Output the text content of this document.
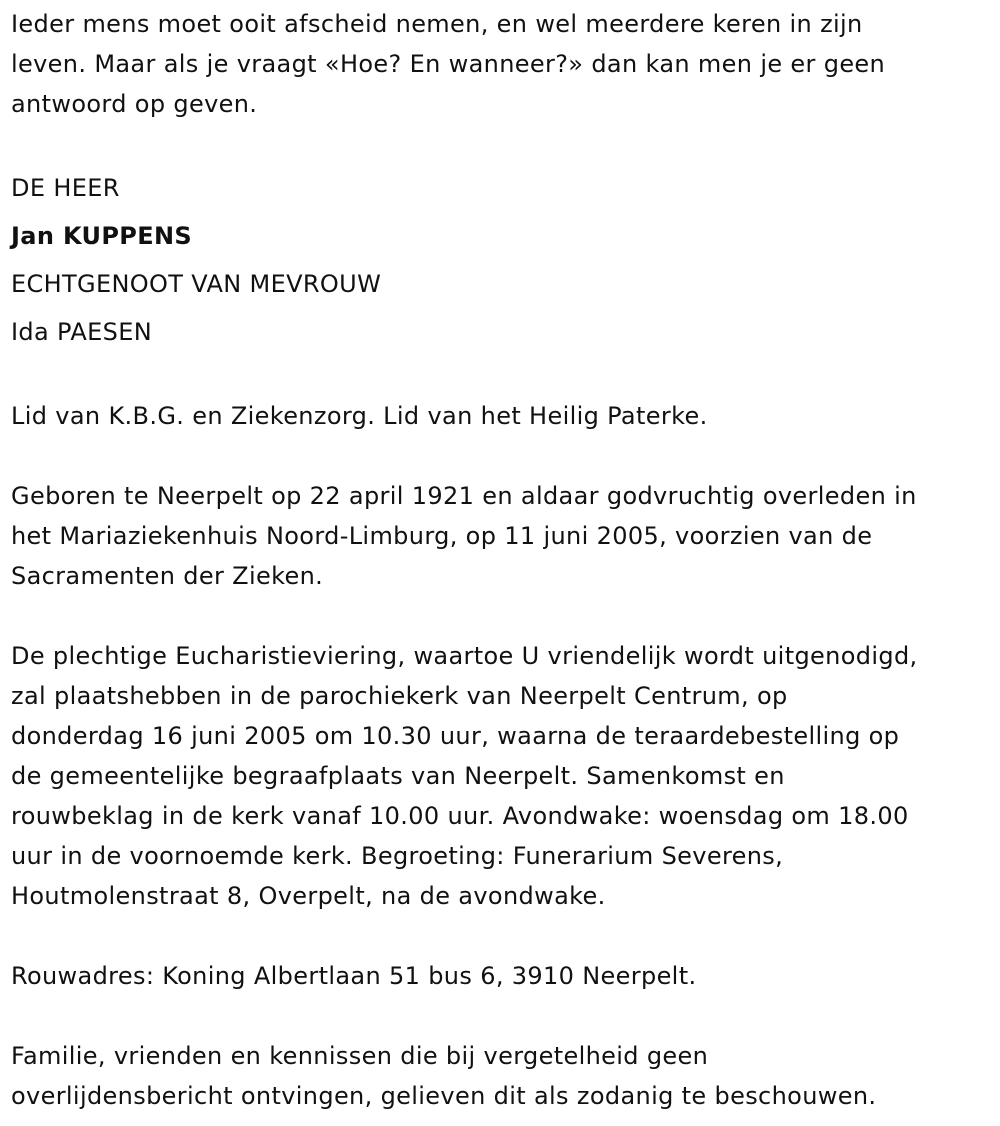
Ieder mens moet ooit afscheid nemen, en wel meerdere keren in zijn
leven. Maar als je vraagt «Hoe? En wanneer?» dan kan men je er geen
antwoord op geven.

DE HEER

Jan KUPPENS

ECHTGENOOT VAN MEVROUW

Ida PAESEN

Lid van K.B.G. en Ziekenzorg. Lid van het Heilig Paterke.

Geboren te Neerpelt op 22 april 1921 en aldaar godvruchtig overleden in
het Mariaziekenhuis Noord-Limburg, op 11 juni 2005, voorzien van de
Sacramenten der Zieken.

De plechtige Eucharistieviering, waartoe U vriendelijk wordt uitgenodigd,
zal plaatshebben in de parochiekerk van Neerpelt Centrum, op
donderdag 16 juni 2005 om 10.30 uur, waarna de teraardebestelling op
de gemeentelijke begraafplaats van Neerpelt. Samenkomst en
rouwbeklag in de kerk vanaf 10.00 uur. Avondwake: woensdag om 18.00
uur in de voornoemde kerk. Begroeting: Funerarium Severens,
Houtmolenstraat 8, Overpelt, na de avondwake.

Rouwadres: Koning Albertlaan 51 bus 6, 3910 Neerpelt.

Familie, vrienden en kennissen die bij vergetelheid geen
overlijdensbericht ontvingen, gelieven dit als zodanig te beschouwen.
